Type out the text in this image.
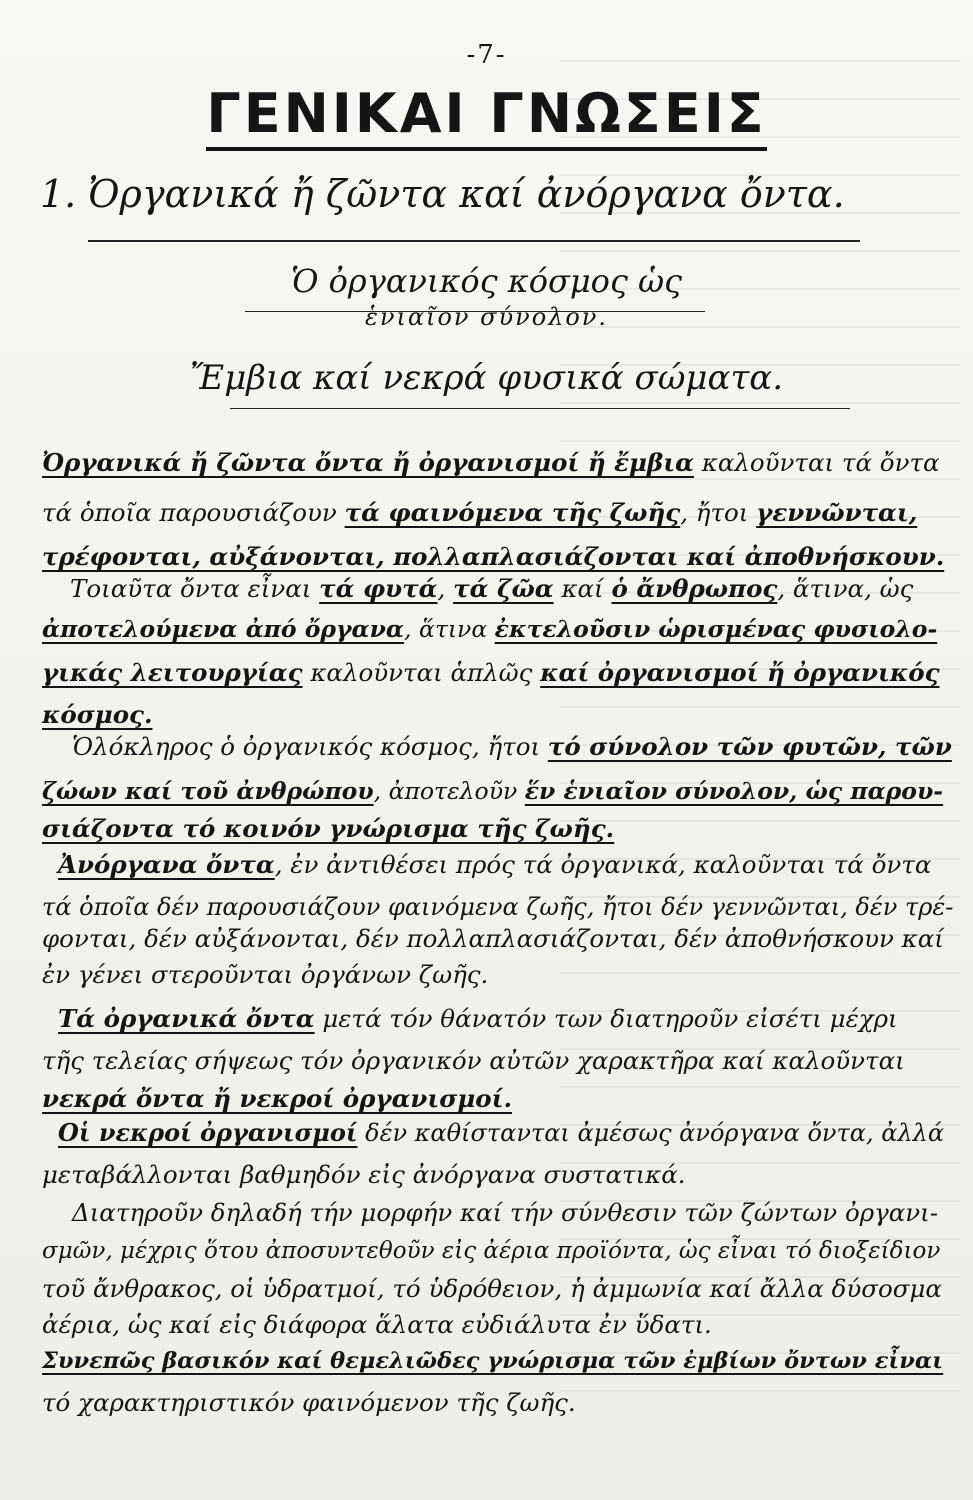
-7-
ΓΕΝΙΚΑΙ ΓΝΩΣΕΙΣ
1. Ὀργανικά ἤ ζῶντα καί ἀνόργανα ὄντα.
Ὁ ὀργανικός κόσμος ὡς
ἑνιαῖον σύνολον.
Ἔμβια καί νεκρά φυσικά σώματα.
Ὀργανικά ἤ ζῶντα ὄντα ἤ ὀργανισμοί ἤ ἔμβια καλοῦνται τά ὄντα
τά ὁποῖα παρουσιάζουν τά φαινόμενα τῆς ζωῆς, ἤτοι γεννῶνται,
τρέφονται, αὐξάνονται, πολλαπλασιάζονται καί ἀποθνήσκουν.
Τοιαῦτα ὄντα εἶναι τά φυτά, τά ζῶα καί ὁ ἄνθρωπος, ἅτινα, ὡς
ἀποτελούμενα ἀπό ὄργανα, ἅτινα ἐκτελοῦσιν ὡρισμένας φυσιολο-
γικάς λειτουργίας καλοῦνται ἁπλῶς καί ὀργανισμοί ἤ ὀργανικός
κόσμος.
Ὁλόκληρος ὁ ὀργανικός κόσμος, ἤτοι τό σύνολον τῶν φυτῶν, τῶν
ζώων καί τοῦ ἀνθρώπου, ἀποτελοῦν ἕν ἑνιαῖον σύνολον, ὡς παρου-
σιάζοντα τό κοινόν γνώρισμα τῆς ζωῆς.
Ἀνόργανα ὄντα, ἐν ἀντιθέσει πρός τά ὀργανικά, καλοῦνται τά ὄντα
τά ὁποῖα δέν παρουσιάζουν φαινόμενα ζωῆς, ἤτοι δέν γεννῶνται, δέν τρέ-
φονται, δέν αὐξάνονται, δέν πολλαπλασιάζονται, δέν ἀποθνήσκουν καί
ἐν γένει στεροῦνται ὀργάνων ζωῆς.
Τά ὀργανικά ὄντα μετά τόν θάνατόν των διατηροῦν εἰσέτι μέχρι
τῆς τελείας σήψεως τόν ὀργανικόν αὐτῶν χαρακτῆρα καί καλοῦνται
νεκρά ὄντα ἤ νεκροί ὀργανισμοί.
Οἱ νεκροί ὀργανισμοί δέν καθίστανται ἀμέσως ἀνόργανα ὄντα, ἀλλά
μεταβάλλονται βαθμηδόν εἰς ἀνόργανα συστατικά.
Διατηροῦν δηλαδή τήν μορφήν καί τήν σύνθεσιν τῶν ζώντων ὀργανι-
σμῶν, μέχρις ὅτου ἀποσυντεθοῦν εἰς ἀέρια προϊόντα, ὡς εἶναι τό διοξείδιον
τοῦ ἄνθρακος, οἱ ὑδρατμοί, τό ὑδρόθειον, ἡ ἀμμωνία καί ἄλλα δύσοσμα
ἀέρια, ὡς καί εἰς διάφορα ἅλατα εὐδιάλυτα ἐν ὕδατι.
Συνεπῶς βασικόν καί θεμελιῶδες γνώρισμα τῶν ἐμβίων ὄντων εἶναι
τό χαρακτηριστικόν φαινόμενον τῆς ζωῆς.
